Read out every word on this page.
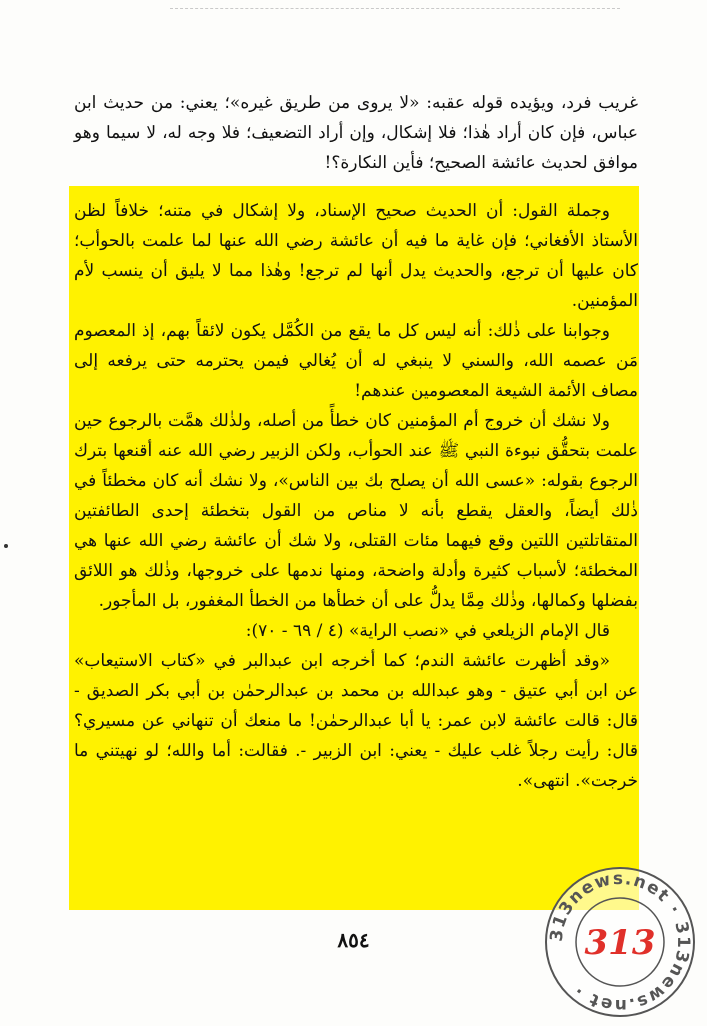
غريب فرد، ويؤيده قوله عقبه: «لا يروى من طريق غيره»؛ يعني: من حديث ابن عباس، فإن كان أراد هٰذا؛ فلا إشكال، وإن أراد التضعيف؛ فلا وجه له، لا سيما وهو موافق لحديث عائشة الصحيح؛ فأين النكارة؟!

وجملة القول: أن الحديث صحيح الإسناد، ولا إشكال في متنه؛ خلافاً لظن الأستاذ الأفغاني؛ فإن غاية ما فيه أن عائشة رضي الله عنها لما علمت بالحوأب؛ كان عليها أن ترجع، والحديث يدل أنها لم ترجع! وهٰذا مما لا يليق أن ينسب لأم المؤمنين.

وجوابنا على ذٰلك: أنه ليس كل ما يقع من الكُمَّل يكون لائقاً بهم، إذ المعصوم مَن عصمه الله، والسني لا ينبغي له أن يُغالي فيمن يحترمه حتى يرفعه إلى مصاف الأئمة الشيعة المعصومين عندهم!

ولا نشك أن خروج أم المؤمنين كان خطأً من أصله، ولذٰلك همَّت بالرجوع حين علمت بتحقُّق نبوءة النبي ﷺ عند الحوأب، ولكن الزبير رضي الله عنه أقنعها بترك الرجوع بقوله: «عسى الله أن يصلح بك بين الناس»، ولا نشك أنه كان مخطئاً في ذٰلك أيضاً، والعقل يقطع بأنه لا مناص من القول بتخطئة إحدى الطائفتين المتقاتلتين اللتين وقع فيهما مئات القتلى، ولا شك أن عائشة رضي الله عنها هي المخطئة؛ لأسباب كثيرة وأدلة واضحة، ومنها ندمها على خروجها، وذٰلك هو اللائق بفضلها وكمالها، وذٰلك مِمَّا يدلُّ على أن خطأها من الخطأ المغفور، بل المأجور.

قال الإمام الزيلعي في «نصب الراية» (٤ / ٦٩ - ٧٠):

«وقد أظهرت عائشة الندم؛ كما أخرجه ابن عبدالبر في «كتاب الاستيعاب» عن ابن أبي عتيق - وهو عبدالله بن محمد بن عبدالرحمٰن بن أبي بكر الصديق - قال: قالت عائشة لابن عمر: يا أبا عبدالرحمٰن! ما منعك أن تنهاني عن مسيري؟ قال: رأيت رجلاً غلب عليك - يعني: ابن الزبير -. فقالت: أما والله؛ لو نهيتني ما خرجت». انتهى».

٨٥٤	313news.net · 313news.net ·
313
